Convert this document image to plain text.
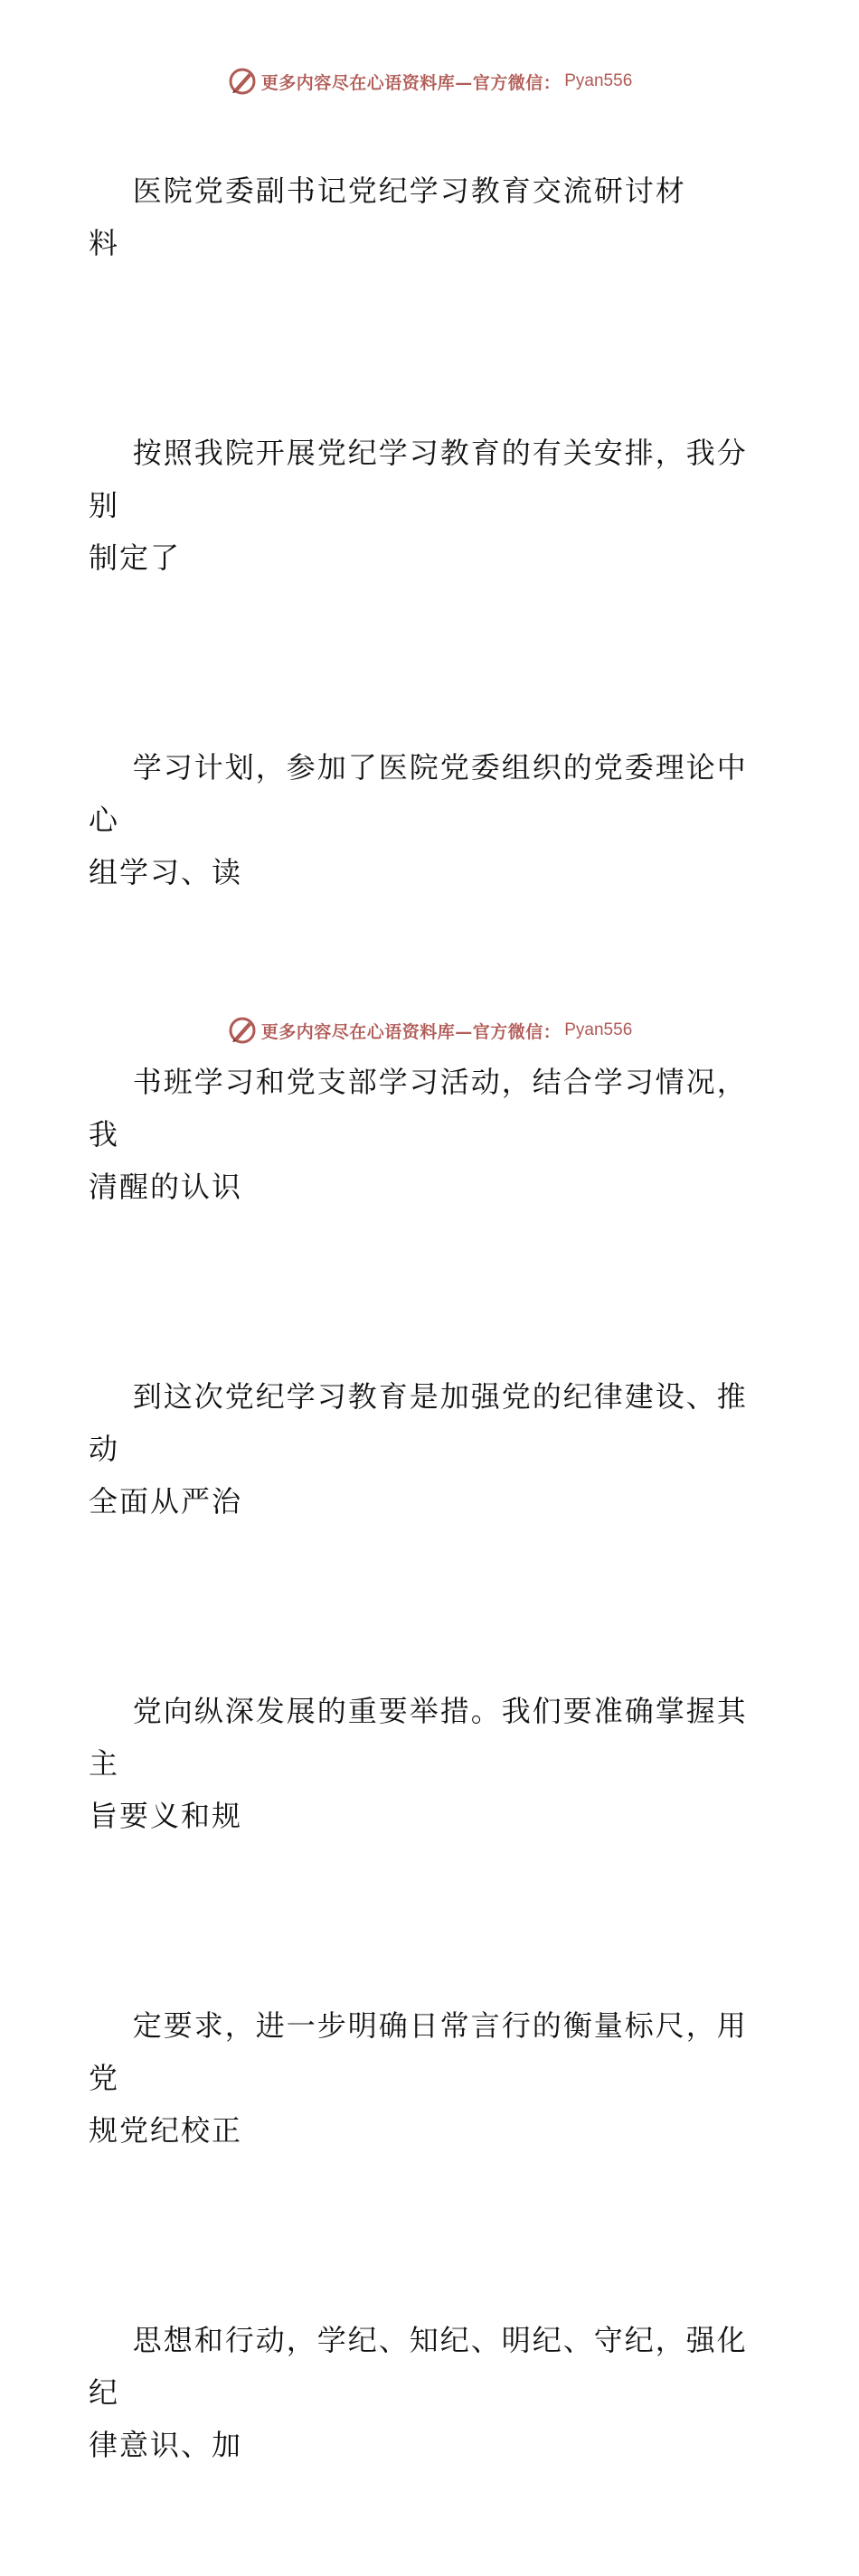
更多内容尽在心语资料库—官方微信： Pyan556

医院党委副书记党纪学习教育交流研讨材
料

按照我院开展党纪学习教育的有关安排，我分别
制定了

学习计划，参加了医院党委组织的党委理论中心
组学习、读

书班学习和党支部学习活动，结合学习情况，我
清醒的认识

到这次党纪学习教育是加强党的纪律建设、推动
全面从严治

党向纵深发展的重要举措。我们要准确掌握其主
旨要义和规

定要求，进一步明确日常言行的衡量标尺，用党
规党纪校正

思想和行动，学纪、知纪、明纪、守纪，强化纪
律意识、加

更多内容尽在心语资料库—官方微信： Pyan556
